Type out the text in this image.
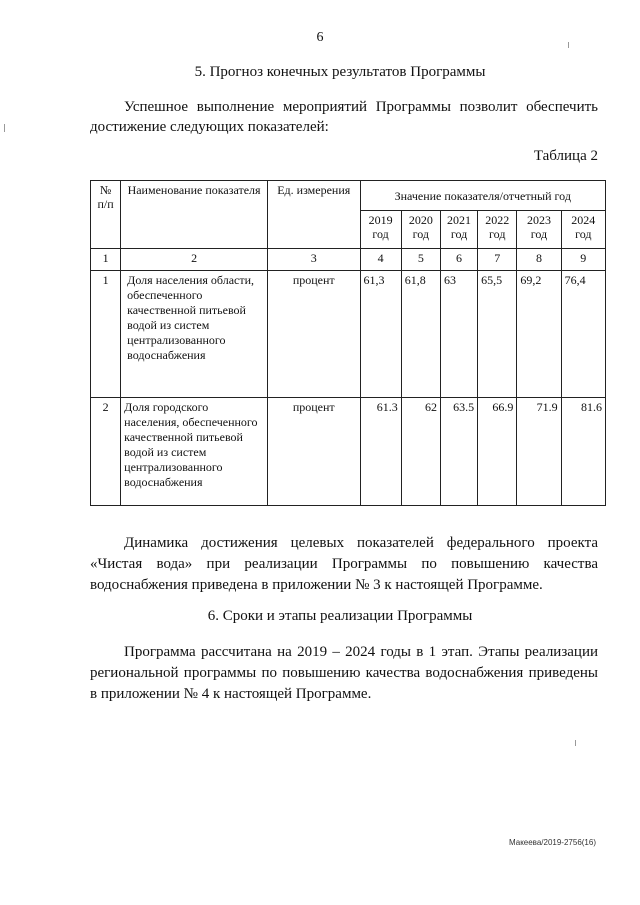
6
5. Прогноз конечных результатов Программы
Успешное выполнение мероприятий Программы позволит обеспечить
достижение следующих показателей:
Таблица 2
№ п/п	Наименование показателя	Ед. измерения	Значение показателя/отчетный год					
			2019 год	2020 год	2021 год	2022 год	2023 год	2024 год
1	2	3	4	5	6	7	8	9
1	Доля населения области, обеспеченного качественной питьевой водой из систем централизованного водоснабжения	процент	61,3	61,8	63	65,5	69,2	76,4
2	Доля городского населения, обеспеченного качественной питьевой водой из систем централизованного водоснабжения	процент	61.3	62	63.5	66.9	71.9	81.6
Динамика достижения целевых показателей федерального проекта
«Чистая вода» при реализации Программы по повышению качества
водоснабжения приведена в приложении № 3 к настоящей Программе.
6. Сроки и этапы реализации Программы
Программа рассчитана на 2019 – 2024 годы в 1 этап. Этапы реализации
региональной программы по повышению качества водоснабжения приведены
в приложении № 4 к настоящей Программе.
Макеева/2019-2756(16)
